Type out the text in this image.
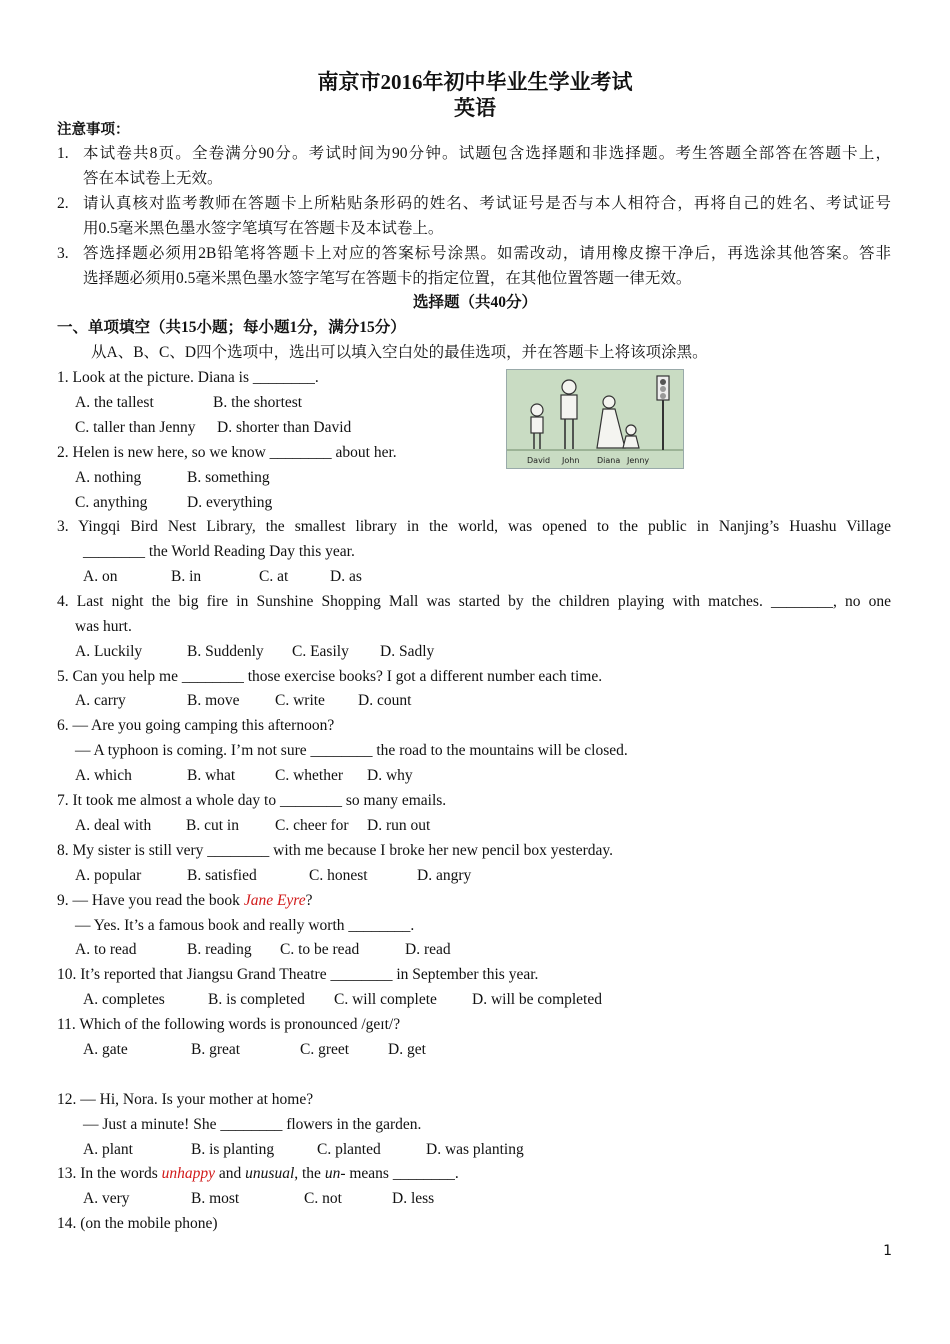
南京市2016年初中毕业生学业考试
英语
注意事项：
1. 本试卷共8页。全卷满分90分。考试时间为90分钟。试题包含选择题和非选择题。考生答题全部答在答题卡上，
答在本试卷上无效。
2. 请认真核对监考教师在答题卡上所粘贴条形码的姓名、考试证号是否与本人相符合，再将自己的姓名、考试证号
用0.5毫米黑色墨水签字笔填写在答题卡及本试卷上。
3. 答选择题必须用2B铅笔将答题卡上对应的答案标号涂黑。如需改动，请用橡皮擦干净后，再选涂其他答案。答非
选择题必须用0.5毫米黑色墨水签字笔写在答题卡的指定位置，在其他位置答题一律无效。
选择题（共40分）
一、单项填空（共15小题；每小题1分，满分15分）
从A、B、C、D四个选项中，选出可以填入空白处的最佳选项，并在答题卡上将该项涂黑。
David John Diana Jenny
1. Look at the picture. Diana is ________.
A. the tallest	B. the shortest
C. taller than Jenny D. shorter than David
2. Helen is new here, so we know ________ about her.
A. nothing	B. something
C. anything	D. everything
3. Yingqi Bird Nest Library, the smallest library in the world, was opened to the public in Nanjing’s Huashu Village
________ the World Reading Day this year.
A. on	B. in	C. at	D. as
4. Last night the big fire in Sunshine Shopping Mall was started by the children playing with matches. ________, no one
was hurt.
A. Luckily	B. Suddenly C. Easily D. Sadly
5. Can you help me ________ those exercise books? I got a different number each time.
A. carry	B. move C. write D. count
6. — Are you going camping this afternoon?
— A typhoon is coming. I’m not sure ________ the road to the mountains will be closed.
A. which	B. what	C. whether D. why
7. It took me almost a whole day to ________ so many emails.
A. deal with B. cut in C. cheer for D. run out
8. My sister is still very ________ with me because I broke her new pencil box yesterday.
A. popular	B. satisfied	C. honest	D. angry
9. — Have you read the book Jane Eyre?
— Yes. It’s a famous book and really worth ________.
A. to read	B. reading C. to be read	D. read
10. It’s reported that Jiangsu Grand Theatre ________ in September this year.
A. completes	B. is completed C. will complete D. will be completed
11. Which of the following words is pronounced /geɪt/?
A. gate	B. great	C. greet	D. get
12. — Hi, Nora. Is your mother at home?
— Just a minute! She ________ flowers in the garden.
A. plant	B. is planting	C. planted	D. was planting
13. In the words unhappy and unusual, the un- means ________.
A. very	B. most	C. not	D. less
14. (on the mobile phone)
1
